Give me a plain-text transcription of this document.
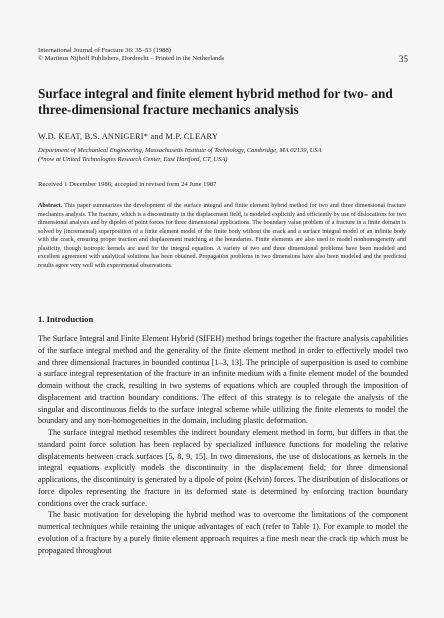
International Journal of Fracture 36: 35–53 (1988)
© Martinus Nijhoff Publishers, Dordrecht – Printed in the Netherlands	35
Surface integral and finite element hybrid method for two- and three-dimensional fracture mechanics analysis
W.D. KEAT, B.S. ANNIGERI* and M.P. CLEARY
Department of Mechanical Engineering, Massachusetts Institute of Technology, Cambridge, MA 02139, USA
(*now at United Technologies Research Center, East Hartford, CT, USA)
Received 1 December 1986; accepted in revised form 24 June 1987

Abstract. This paper summarizes the development of the surface integral and finite element hybrid method for two and three dimensional fracture mechanics analysis. The fracture, which is a discontinuity in the displacement field, is modeled explicitly and efficiently by use of dislocations for two dimensional analysis and by dipoles of point forces for three dimensional applications. The boundary value problem of a fracture in a finite domain is solved by (incremental) superposition of a finite element model of the finite body without the crack and a surface integral model of an infinite body with the crack, ensuring proper traction and displacement matching at the boundaries. Finite elements are also used to model nonhomogeneity and plasticity, though isotropic kernels are used for the integral equation. A variety of two and three dimensional problems have been modeled and excellent agreement with analytical solutions has been obtained. Propagation problems in two dimensions have also been modeled and the predicted results agree very well with experimental observations.

1. Introduction

The Surface Integral and Finite Element Hybrid (SIFEH) method brings together the fracture analysis capabilities of the surface integral method and the generality of the finite element method in order to effectively model two and three dimensional fractures in bounded continua [1–3, 13]. The principle of superposition is used to combine a surface integral representation of the fracture in an infinite medium with a finite element model of the bounded domain without the crack, resulting in two systems of equations which are coupled through the imposition of displacement and traction boundary conditions. The effect of this strategy is to relegate the analysis of the singular and discontinuous fields to the surface integral scheme while utilizing the finite elements to model the boundary and any non-homogeneities in the domain, including plastic deformation.

The surface integral method resembles the indirect boundary element method in form, but differs in that the standard point force solution has been replaced by specialized influence functions for modeling the relative displacements between crack surfaces [5, 8, 9, 15]. In two dimensions, the use of dislocations as kernels in the integral equations explicitly models the discontinuity in the displacement field; for three dimensional applications, the discontinuity is generated by a dipole of point (Kelvin) forces. The distribution of dislocations or force dipoles representing the fracture in its deformed state is determined by enforcing traction boundary conditions over the crack surface.

The basic motivation for developing the hybrid method was to overcome the limitations of the component numerical techniques while retaining the unique advantages of each (refer to Table 1). For example to model the evolution of a fracture by a purely finite element approach requires a fine mesh near the crack tip which must be propagated throughout
